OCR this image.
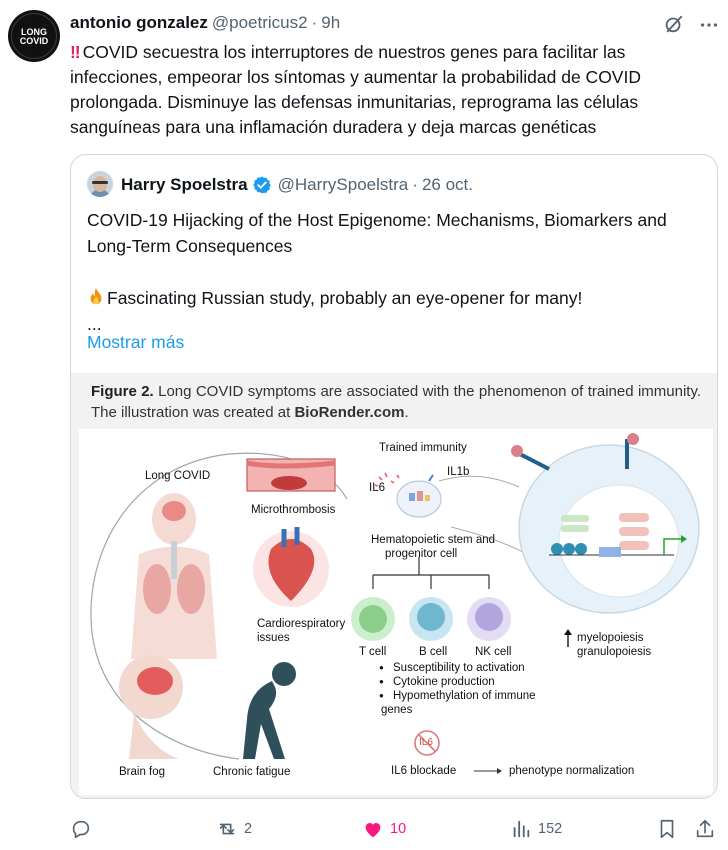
LONG
COVID
antonio gonzalez @poetricus2 · 9h
‼ COVID secuestra los interruptores de nuestros genes para facilitar las infecciones, empeorar los síntomas y aumentar la probabilidad de COVID prolongada. Disminuye las defensas inmunitarias, reprograma las células sanguíneas para una inflamación duradera y deja marcas genéticas
Harry Spoelstra @HarrySpoelstra · 26 oct.
COVID-19 Hijacking of the Host Epigenome: Mechanisms, Biomarkers and Long-Term Consequences
Fascinating Russian study, probably an eye-opener for many!
...
Mostrar más
Figure 2. Long COVID symptoms are associated with the phenomenon of trained immunity. The illustration was created at BioRender.com.
Long COVID
Microthrombosis
Cardiorespiratory
issues
Brain fog	Chronic fatigue
Trained immunity
IL1b
IL6
Hematopoietic stem and
progenitor cell
T cell	B cell NK cell
myelopoiesis
granulopoiesis
● Susceptibility to activation
● Cytokine production
● Hypomethylation of immune
genes
IL6
IL6 blockade	phenotype normalization
2	10	152
